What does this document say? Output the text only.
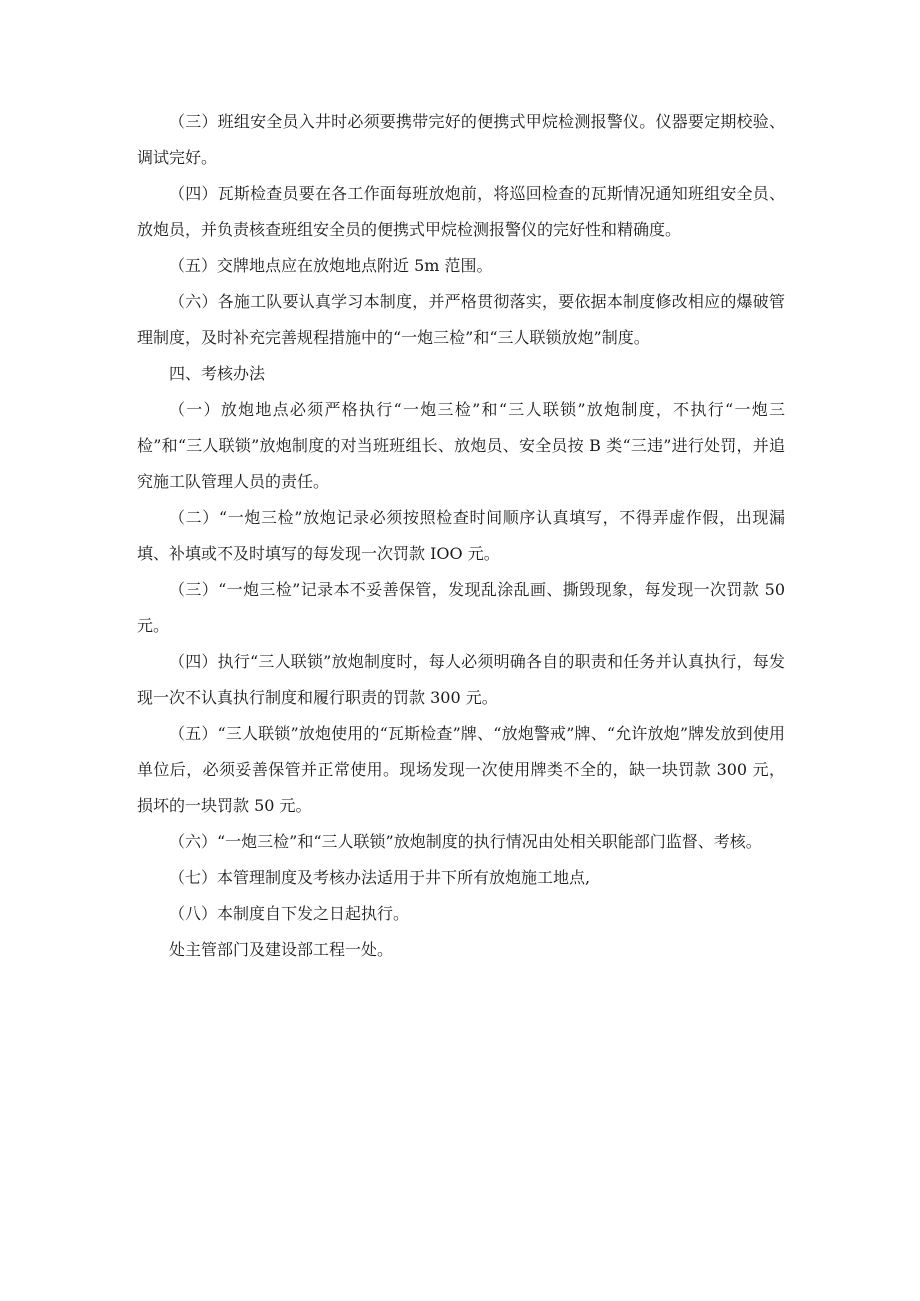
（三）班组安全员入井时必须要携带完好的便携式甲烷检测报警仪。仪器要定期校验、调试完好。

（四）瓦斯检查员要在各工作面每班放炮前，将巡回检查的瓦斯情况通知班组安全员、放炮员，并负责核查班组安全员的便携式甲烷检测报警仪的完好性和精确度。

（五）交牌地点应在放炮地点附近 5m 范围。

（六）各施工队要认真学习本制度，并严格贯彻落实，要依据本制度修改相应的爆破管理制度，及时补充完善规程措施中的“一炮三检”和“三人联锁放炮”制度。

四、考核办法

（一）放炮地点必须严格执行“一炮三检”和“三人联锁”放炮制度，不执行“一炮三检”和“三人联锁”放炮制度的对当班班组长、放炮员、安全员按 B 类“三违”进行处罚，并追究施工队管理人员的责任。

（二）“一炮三检”放炮记录必须按照检查时间顺序认真填写，不得弄虚作假，出现漏填、补填或不及时填写的每发现一次罚款 IOO 元。

（三）“一炮三检”记录本不妥善保管，发现乱涂乱画、撕毁现象，每发现一次罚款 50 元。

（四）执行“三人联锁”放炮制度时，每人必须明确各自的职责和任务并认真执行，每发现一次不认真执行制度和履行职责的罚款 300 元。

（五）“三人联锁”放炮使用的“瓦斯检查”牌、“放炮警戒”牌、“允许放炮”牌发放到使用单位后，必须妥善保管并正常使用。现场发现一次使用牌类不全的，缺一块罚款 300 元，损坏的一块罚款 50 元。

（六）“一炮三检”和“三人联锁”放炮制度的执行情况由处相关职能部门监督、考核。

（七）本管理制度及考核办法适用于井下所有放炮施工地点,

（八）本制度自下发之日起执行。

处主管部门及建设部工程一处。
